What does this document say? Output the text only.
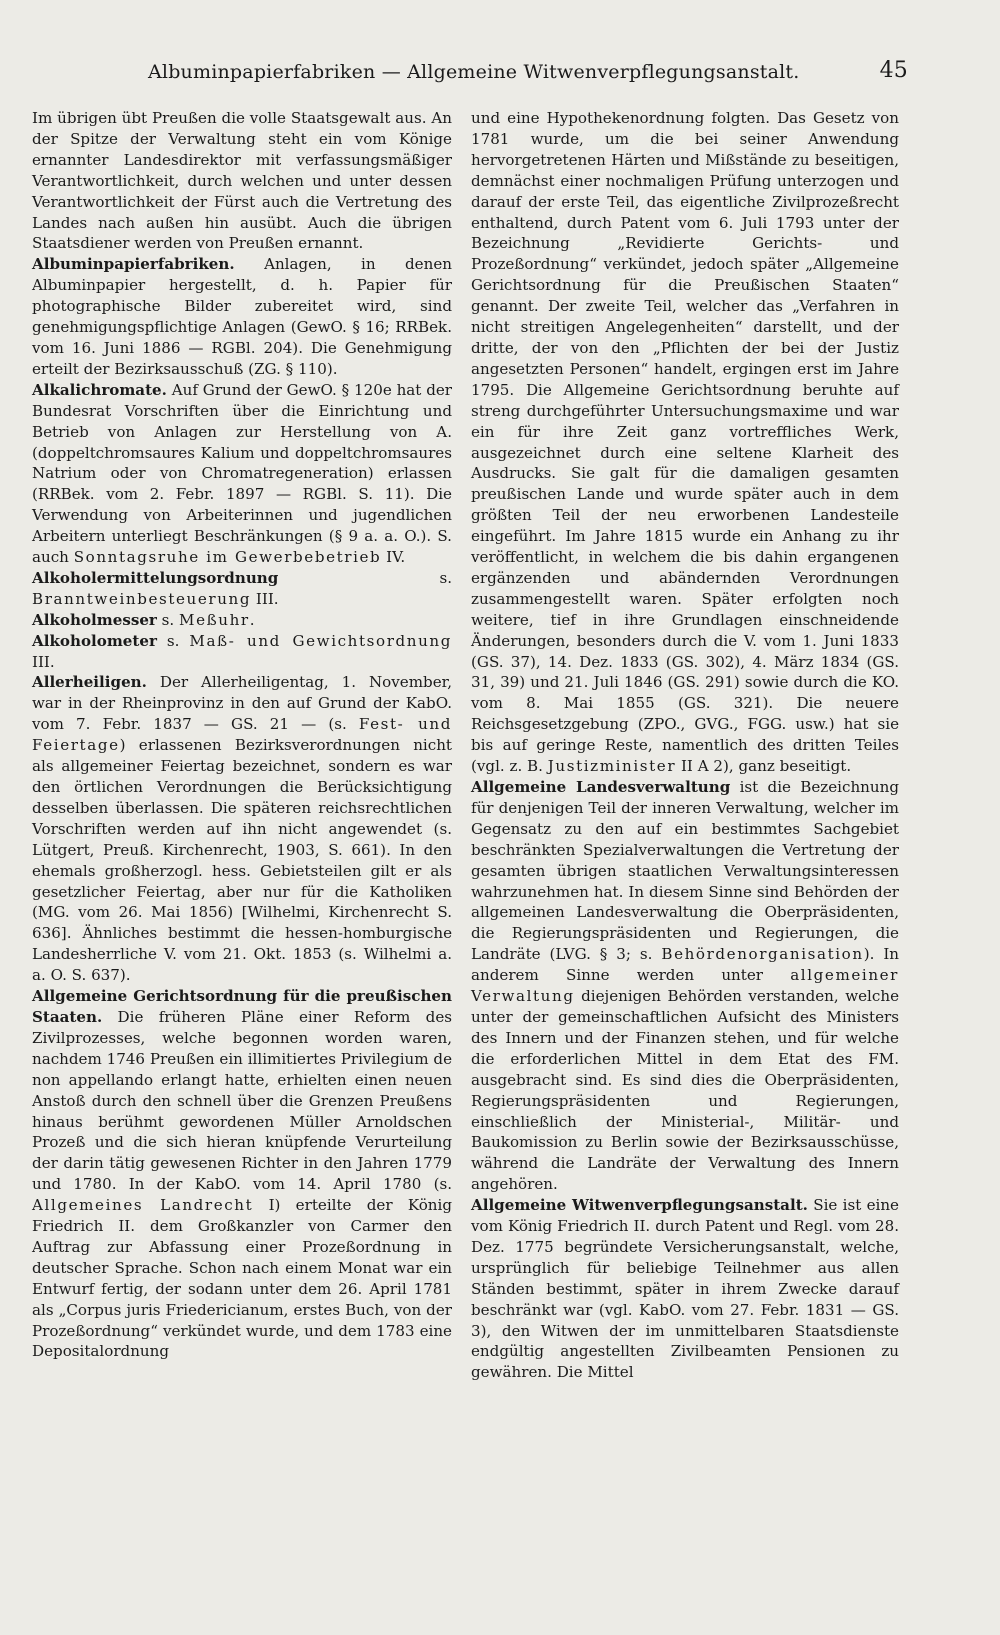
Albuminpapierfabriken — Allgemeine Witwenverpflegungsanstalt.	45

Im übrigen übt Preußen die volle Staatsgewalt aus. An der Spitze der Verwaltung steht ein vom Könige ernannter Landesdirektor mit verfassungsmäßiger Verantwortlichkeit, durch welchen und unter dessen Verantwortlichkeit der Fürst auch die Vertretung des Landes nach außen hin ausübt. Auch die übrigen Staatsdiener werden von Preußen ernannt.

Albuminpapierfabriken. Anlagen, in denen Albuminpapier hergestellt, d. h. Papier für photographische Bilder zubereitet wird, sind genehmigungspflichtige Anlagen (GewO. § 16; RRBek. vom 16. Juni 1886 — RGBl. 204). Die Genehmigung erteilt der Bezirksausschuß (ZG. § 110).

Alkalichromate. Auf Grund der GewO. § 120e hat der Bundesrat Vorschriften über die Einrichtung und Betrieb von Anlagen zur Herstellung von A. (doppeltchromsaures Kalium und doppeltchromsaures Natrium oder von Chromatregeneration) erlassen (RRBek. vom 2. Febr. 1897 — RGBl. S. 11). Die Verwendung von Arbeiterinnen und jugendlichen Arbeitern unterliegt Beschränkungen (§ 9 a. a. O.). S. auch Sonntagsruhe im Gewerbebetrieb IV.

Alkoholermittelungsordnung s. Branntweinbesteuerung III.

Alkoholmesser s. Meßuhr.

Alkoholometer s. Maß- und Gewichtsordnung III.

Allerheiligen. Der Allerheiligentag, 1. November, war in der Rheinprovinz in den auf Grund der KabO. vom 7. Febr. 1837 — GS. 21 — (s. Fest- und Feiertage) erlassenen Bezirksverordnungen nicht als allgemeiner Feiertag bezeichnet, sondern es war den örtlichen Verordnungen die Berücksichtigung desselben überlassen. Die späteren reichsrechtlichen Vorschriften werden auf ihn nicht angewendet (s. Lütgert, Preuß. Kirchenrecht, 1903, S. 661). In den ehemals großherzogl. hess. Gebietsteilen gilt er als gesetzlicher Feiertag, aber nur für die Katholiken (MG. vom 26. Mai 1856) [Wilhelmi, Kirchenrecht S. 636]. Ähnliches bestimmt die hessen-homburgische Landesherrliche V. vom 21. Okt. 1853 (s. Wilhelmi a. a. O. S. 637).

Allgemeine Gerichtsordnung für die preußischen Staaten. Die früheren Pläne einer Reform des Zivilprozesses, welche begonnen worden waren, nachdem 1746 Preußen ein illimitiertes Privilegium de non appellando erlangt hatte, erhielten einen neuen Anstoß durch den schnell über die Grenzen Preußens hinaus berühmt gewordenen Müller Arnoldschen Prozeß und die sich hieran knüpfende Verurteilung der darin tätig gewesenen Richter in den Jahren 1779 und 1780. In der KabO. vom 14. April 1780 (s. Allgemeines Landrecht I) erteilte der König Friedrich II. dem Großkanzler von Carmer den Auftrag zur Abfassung einer Prozeßordnung in deutscher Sprache. Schon nach einem Monat war ein Entwurf fertig, der sodann unter dem 26. April 1781 als „Corpus juris Friedericianum, erstes Buch, von der Prozeßordnung“ verkündet wurde, und dem 1783 eine Depositalordnung

und eine Hypothekenordnung folgten. Das Gesetz von 1781 wurde, um die bei seiner Anwendung hervorgetretenen Härten und Mißstände zu beseitigen, demnächst einer nochmaligen Prüfung unterzogen und darauf der erste Teil, das eigentliche Zivilprozeßrecht enthaltend, durch Patent vom 6. Juli 1793 unter der Bezeichnung „Revidierte Gerichts- und Prozeßordnung“ verkündet, jedoch später „Allgemeine Gerichtsordnung für die Preußischen Staaten“ genannt. Der zweite Teil, welcher das „Verfahren in nicht streitigen Angelegenheiten“ darstellt, und der dritte, der von den „Pflichten der bei der Justiz angesetzten Personen“ handelt, ergingen erst im Jahre 1795. Die Allgemeine Gerichtsordnung beruhte auf streng durchgeführter Untersuchungsmaxime und war ein für ihre Zeit ganz vortreffliches Werk, ausgezeichnet durch eine seltene Klarheit des Ausdrucks. Sie galt für die damaligen gesamten preußischen Lande und wurde später auch in dem größten Teil der neu erworbenen Landesteile eingeführt. Im Jahre 1815 wurde ein Anhang zu ihr veröffentlicht, in welchem die bis dahin ergangenen ergänzenden und abändernden Verordnungen zusammengestellt waren. Später erfolgten noch weitere, tief in ihre Grundlagen einschneidende Änderungen, besonders durch die V. vom 1. Juni 1833 (GS. 37), 14. Dez. 1833 (GS. 302), 4. März 1834 (GS. 31, 39) und 21. Juli 1846 (GS. 291) sowie durch die KO. vom 8. Mai 1855 (GS. 321). Die neuere Reichsgesetzgebung (ZPO., GVG., FGG. usw.) hat sie bis auf geringe Reste, namentlich des dritten Teiles (vgl. z. B. Justizminister II A 2), ganz beseitigt.

Allgemeine Landesverwaltung ist die Bezeichnung für denjenigen Teil der inneren Verwaltung, welcher im Gegensatz zu den auf ein bestimmtes Sachgebiet beschränkten Spezialverwaltungen die Vertretung der gesamten übrigen staatlichen Verwaltungsinteressen wahrzunehmen hat. In diesem Sinne sind Behörden der allgemeinen Landesverwaltung die Oberpräsidenten, die Regierungspräsidenten und Regierungen, die Landräte (LVG. § 3; s. Behördenorganisation). In anderem Sinne werden unter allgemeiner Verwaltung diejenigen Behörden verstanden, welche unter der gemeinschaftlichen Aufsicht des Ministers des Innern und der Finanzen stehen, und für welche die erforderlichen Mittel in dem Etat des FM. ausgebracht sind. Es sind dies die Oberpräsidenten, Regierungspräsidenten und Regierungen, einschließlich der Ministerial-, Militär- und Baukomission zu Berlin sowie der Bezirksausschüsse, während die Landräte der Verwaltung des Innern angehören.

Allgemeine Witwenverpflegungsanstalt. Sie ist eine vom König Friedrich II. durch Patent und Regl. vom 28. Dez. 1775 begründete Versicherungsanstalt, welche, ursprünglich für beliebige Teilnehmer aus allen Ständen bestimmt, später in ihrem Zwecke darauf beschränkt war (vgl. KabO. vom 27. Febr. 1831 — GS. 3), den Witwen der im unmittelbaren Staatsdienste endgültig angestellten Zivilbeamten Pensionen zu gewähren. Die Mittel
